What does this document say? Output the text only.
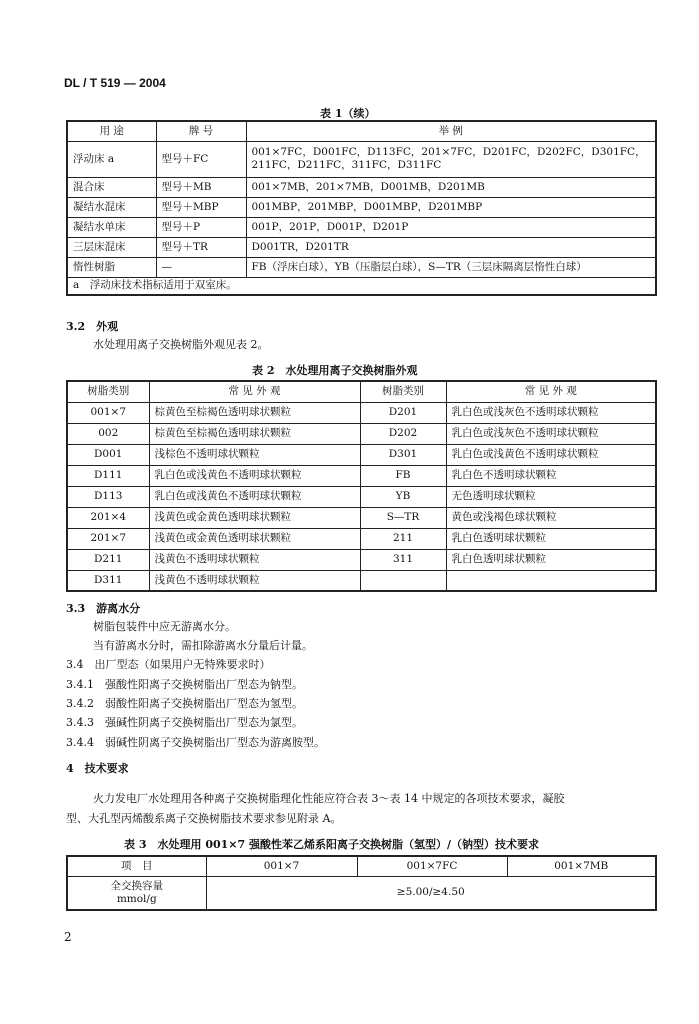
DL / T 519 — 2004
表 1（续）
用 途	牌 号	举 例
浮动床 a	型号＋FC	001×7FC，D001FC，D113FC，201×7FC，D201FC，D202FC，D301FC，211FC，D211FC，311FC，D311FC
混合床	型号＋MB	001×7MB，201×7MB，D001MB，D201MB
凝结水混床	型号＋MBP	001MBP，201MBP，D001MBP，D201MBP
凝结水单床	型号＋P	001P，201P，D001P，D201P
三层床混床	型号＋TR	D001TR，D201TR
惰性树脂	—	FB（浮床白球），YB（压脂层白球），S—TR（三层床隔离层惰性白球）
a　浮动床技术指标适用于双室床。		
3.2　外观
水处理用离子交换树脂外观见表 2。
表 2　水处理用离子交换树脂外观
树脂类别	常 见 外 观	树脂类别	常 见 外 观
001×7	棕黄色至棕褐色透明球状颗粒	D201	乳白色或浅灰色不透明球状颗粒
002	棕黄色至棕褐色透明球状颗粒	D202	乳白色或浅灰色不透明球状颗粒
D001	浅棕色不透明球状颗粒	D301	乳白色或浅黄色不透明球状颗粒
D111	乳白色或浅黄色不透明球状颗粒	FB	乳白色不透明球状颗粒
D113	乳白色或浅黄色不透明球状颗粒	YB	无色透明球状颗粒
201×4	浅黄色或金黄色透明球状颗粒	S—TR	黄色或浅褐色球状颗粒
201×7	浅黄色或金黄色透明球状颗粒	211	乳白色透明球状颗粒
D211	浅黄色不透明球状颗粒	311	乳白色透明球状颗粒
D311	浅黄色不透明球状颗粒		
3.3　游离水分
树脂包装件中应无游离水分。
当有游离水分时，需扣除游离水分量后计量。
3.4　出厂型态（如果用户无特殊要求时）
3.4.1　强酸性阳离子交换树脂出厂型态为钠型。
3.4.2　弱酸性阳离子交换树脂出厂型态为氢型。
3.4.3　强碱性阴离子交换树脂出厂型态为氯型。
3.4.4　弱碱性阴离子交换树脂出厂型态为游离胺型。
4　技术要求
火力发电厂水处理用各种离子交换树脂理化性能应符合表 3～表 14 中规定的各项技术要求，凝胶
型、大孔型丙烯酸系离子交换树脂技术要求参见附录 A。
表 3　水处理用 001×7 强酸性苯乙烯系阳离子交换树脂（氢型）/（钠型）技术要求
项　目	001×7	001×7FC	001×7MB

全交换容量
mmol/g	≥5.00/≥4.50		
2
